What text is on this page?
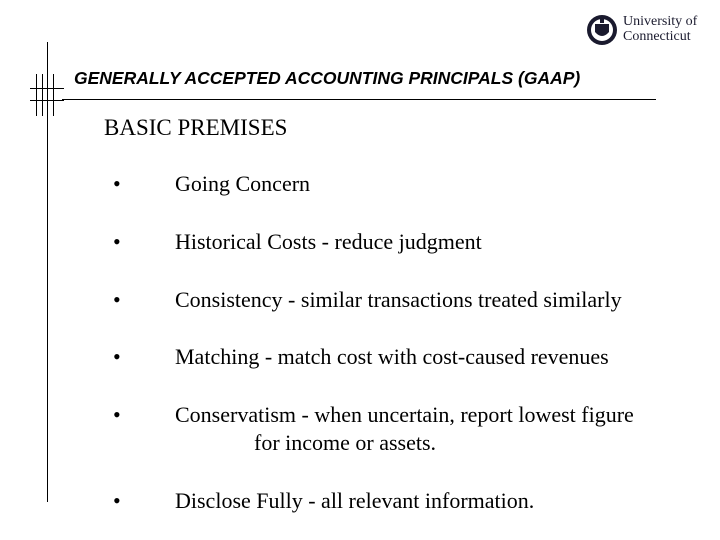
University of
Connecticut
GENERALLY ACCEPTED ACCOUNTING PRINCIPALS (GAAP)
BASIC PREMISES
• Going Concern
• Historical Costs - reduce judgment
• Consistency - similar transactions treated similarly
• Matching - match cost with cost-caused revenues
• Conservatism - when uncertain, report lowest figure
for income or assets.
• Disclose Fully - all relevant information.
